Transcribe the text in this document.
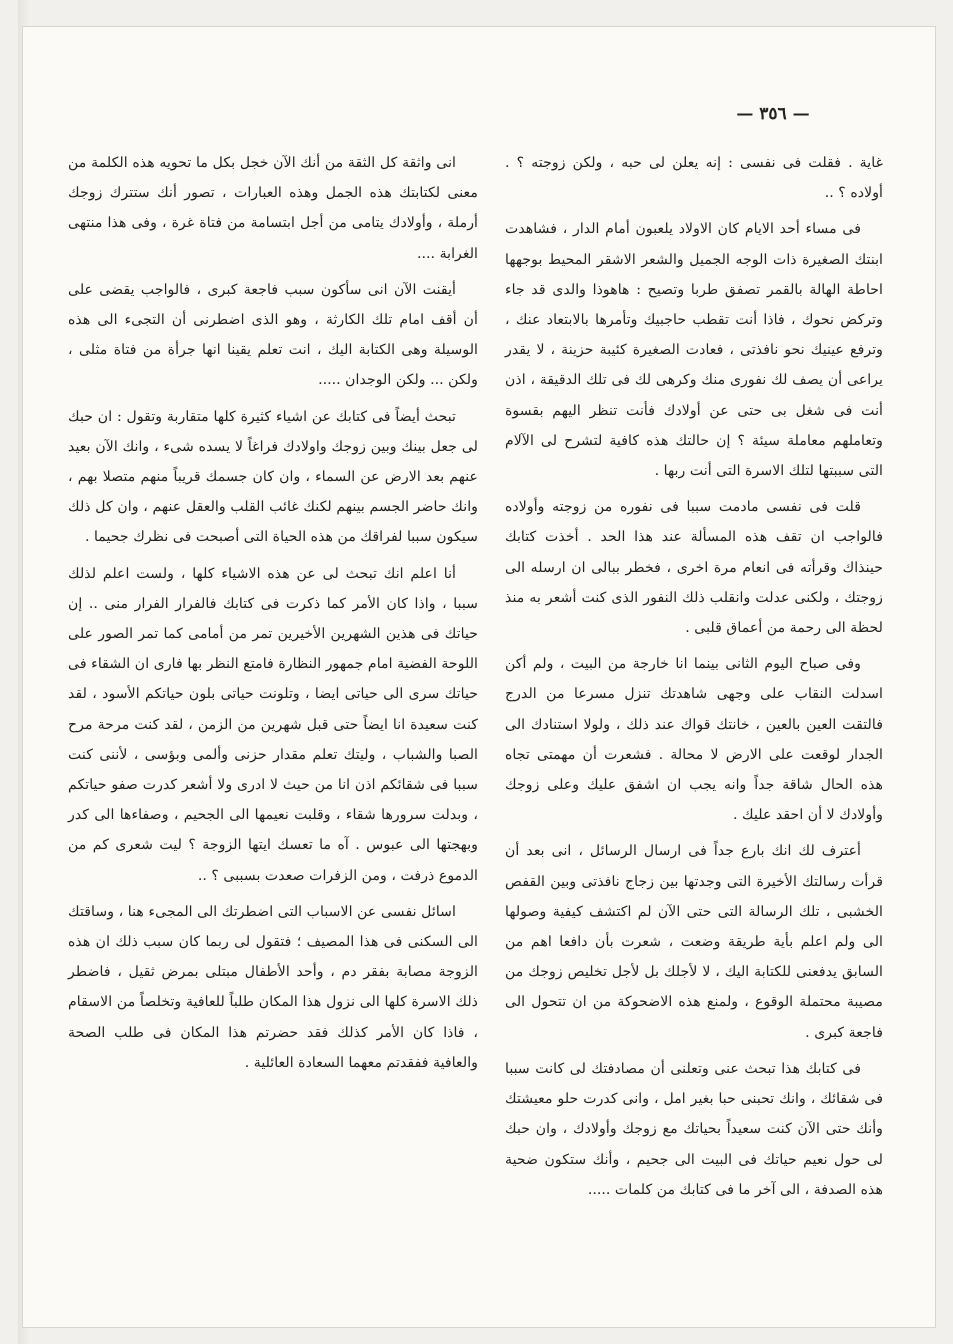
— ٣٥٦ —

غاية . فقلت فى نفسى : إنه يعلن لى حبه ، ولكن زوجته ؟ . أولاده ؟ ..

فى مساء أحد الايام كان الاولاد يلعبون أمام الدار ، فشاهدت ابنتك الصغيرة ذات الوجه الجميل والشعر الاشقر المحيط بوجهها احاطة الهالة بالقمر تصفق طربا وتصيح : هاهوذا والدى قد جاء وتركض نحوك ، فاذا أنت تقطب حاجبيك وتأمرها بالابتعاد عنك ، وترفع عينيك نحو نافذتى ، فعادت الصغيرة كئيبة حزينة ، لا يقدر يراعى أن يصف لك نفورى منك وكرهى لك فى تلك الدقيقة ، اذن أنت فى شغل بى حتى عن أولادك فأنت تنظر اليهم بقسوة وتعاملهم معاملة سيئة ؟ إن حالتك هذه كافية لتشرح لى الآلام التى سببتها لتلك الاسرة التى أنت ربها .

قلت فى نفسى مادمت سببا فى نفوره من زوجته وأولاده فالواجب ان تقف هذه المسألة عند هذا الحد . أخذت كتابك حينذاك وقرأته فى انعام مرة اخرى ، فخطر ببالى ان ارسله الى زوجتك ، ولكنى عدلت وانقلب ذلك النفور الذى كنت أشعر به منذ لحظة الى رحمة من أعماق قلبى .

وفى صباح اليوم الثانى بينما انا خارجة من البيت ، ولم أكن اسدلت النقاب على وجهى شاهدتك تنزل مسرعا من الدرج فالتقت العين بالعين ، خانتك قواك عند ذلك ، ولولا استنادك الى الجدار لوقعت على الارض لا محالة . فشعرت أن مهمتى تجاه هذه الحال شاقة جداً وانه يجب ان اشفق عليك وعلى زوجك وأولادك لا أن احقد عليك .

أعترف لك انك بارع جداً فى ارسال الرسائل ، انى بعد أن قرأت رسالتك الأخيرة التى وجدتها بين زجاج نافذتى وبين القفص الخشبى ، تلك الرسالة التى حتى الآن لم اكتشف كيفية وصولها الى ولم اعلم بأية طريقة وضعت ، شعرت بأن دافعا اهم من السابق يدفعنى للكتابة اليك ، لا لأجلك بل لأجل تخليص زوجك من مصيبة محتملة الوقوع ، ولمنع هذه الاضحوكة من ان تتحول الى فاجعة كبرى .

فى كتابك هذا تبحث عنى وتعلنى أن مصادفتك لى كانت سببا فى شقائك ، وانك تحبنى حبا بغير امل ، وانى كدرت حلو معيشتك وأنك حتى الآن كنت سعيداً بحياتك مع زوجك وأولادك ، وان حبك لى حول نعيم حياتك فى البيت الى جحيم ، وأنك ستكون ضحية هذه الصدفة ، الى آخر ما فى كتابك من كلمات .....

انى واثقة كل الثقة من أنك الآن خجل بكل ما تحويه هذه الكلمة من معنى لكتابتك هذه الجمل وهذه العبارات ، تصور أنك ستترك زوجك أرملة ، وأولادك يتامى من أجل ابتسامة من فتاة غرة ، وفى هذا منتهى الغرابة ....

أيقنت الآن انى سأكون سبب فاجعة كبرى ، فالواجب يقضى على أن أقف امام تلك الكارثة ، وهو الذى اضطرنى أن التجىء الى هذه الوسيلة وهى الكتابة اليك ، انت تعلم يقينا انها جرأة من فتاة مثلى ، ولكن ... ولكن الوجدان .....

تبحث أيضاً فى كتابك عن اشياء كثيرة كلها متقاربة وتقول : ان حبك لى جعل بينك وبين زوجك واولادك فراغاً لا يسده شىء ، وانك الآن بعيد عنهم بعد الارض عن السماء ، وان كان جسمك قريباً منهم متصلا بهم ، وانك حاضر الجسم بينهم لكنك غائب القلب والعقل عنهم ، وان كل ذلك سيكون سببا لفراقك من هذه الحياة التى أصبحت فى نظرك جحيما .

أنا اعلم انك تبحث لى عن هذه الاشياء كلها ، ولست اعلم لذلك سببا ، واذا كان الأمر كما ذكرت فى كتابك فالفرار الفرار منى .. إن حياتك فى هذين الشهرين الأخيرين تمر من أمامى كما تمر الصور على اللوحة الفضية امام جمهور النظارة فامتع النظر بها فارى ان الشقاء فى حياتك سرى الى حياتى ايضا ، وتلونت حياتى بلون حياتكم الأسود ، لقد كنت سعيدة انا ايضاً حتى قبل شهرين من الزمن ، لقد كنت مرحة مرح الصبا والشباب ، وليتك تعلم مقدار حزنى وألمى وبؤسى ، لأننى كنت سببا فى شقائكم اذن انا من حيث لا ادرى ولا أشعر كدرت صفو حياتكم ، وبدلت سرورها شقاء ، وقلبت نعيمها الى الجحيم ، وصفاءها الى كدر وبهجتها الى عبوس . آه ما تعسك ايتها الزوجة ؟ ليت شعرى كم من الدموع ذرفت ، ومن الزفرات صعدت بسببى ؟ ..

اسائل نفسى عن الاسباب التى اضطرتك الى المجىء هنا ، وساقتك الى السكنى فى هذا المصيف ؛ فتقول لى ربما كان سبب ذلك ان هذه الزوجة مصابة بفقر دم ، وأحد الأطفال مبتلى بمرض ثقيل ، فاضطر ذلك الاسرة كلها الى نزول هذا المكان طلباً للعافية وتخلصاً من الاسقام ، فاذا كان الأمر كذلك فقد حضرتم هذا المكان فى طلب الصحة والعافية ففقدتم معهما السعادة العائلية .
